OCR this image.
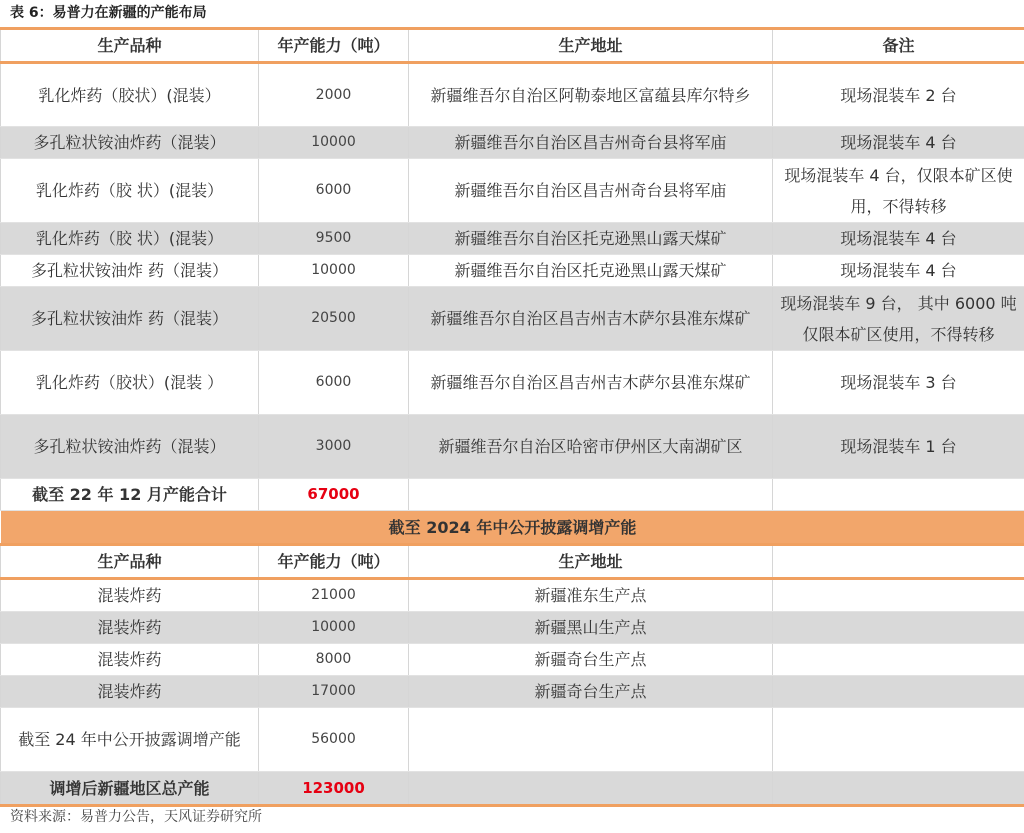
表 6：易普力在新疆的产能布局
生产品种	年产能力（吨）	生产地址	备注
乳化炸药（胶状）(混装）	2000	新疆维吾尔自治区阿勒泰地区富蕴县库尔特乡	现场混装车 2 台
多孔粒状铵油炸药（混装）	10000	新疆维吾尔自治区昌吉州奇台县将军庙	现场混装车 4 台
乳化炸药（胶 状）(混装）	6000	新疆维吾尔自治区昌吉州奇台县将军庙	现场混装车 4 台，仅限本矿区使用，不得转移
乳化炸药（胶 状）(混装）	9500	新疆维吾尔自治区托克逊黑山露天煤矿	现场混装车 4 台
多孔粒状铵油炸 药（混装）	10000	新疆维吾尔自治区托克逊黑山露天煤矿	现场混装车 4 台
多孔粒状铵油炸 药（混装）	20500	新疆维吾尔自治区昌吉州吉木萨尔县准东煤矿	现场混装车 9 台， 其中 6000 吨仅限本矿区使用，不得转移
乳化炸药（胶状）(混装 ）	6000	新疆维吾尔自治区昌吉州吉木萨尔县准东煤矿	现场混装车 3 台
多孔粒状铵油炸药（混装）	3000	新疆维吾尔自治区哈密市伊州区大南湖矿区	现场混装车 1 台
截至 22 年 12 月产能合计	67000		
截至 2024 年中公开披露调增产能			
生产品种	年产能力（吨）	生产地址	
混装炸药	21000	新疆准东生产点	
混装炸药	10000	新疆黑山生产点	
混装炸药	8000	新疆奇台生产点	
混装炸药	17000	新疆奇台生产点	
截至 24 年中公开披露调增产能	56000		
调增后新疆地区总产能	123000		
资料来源：易普力公告，天风证券研究所
